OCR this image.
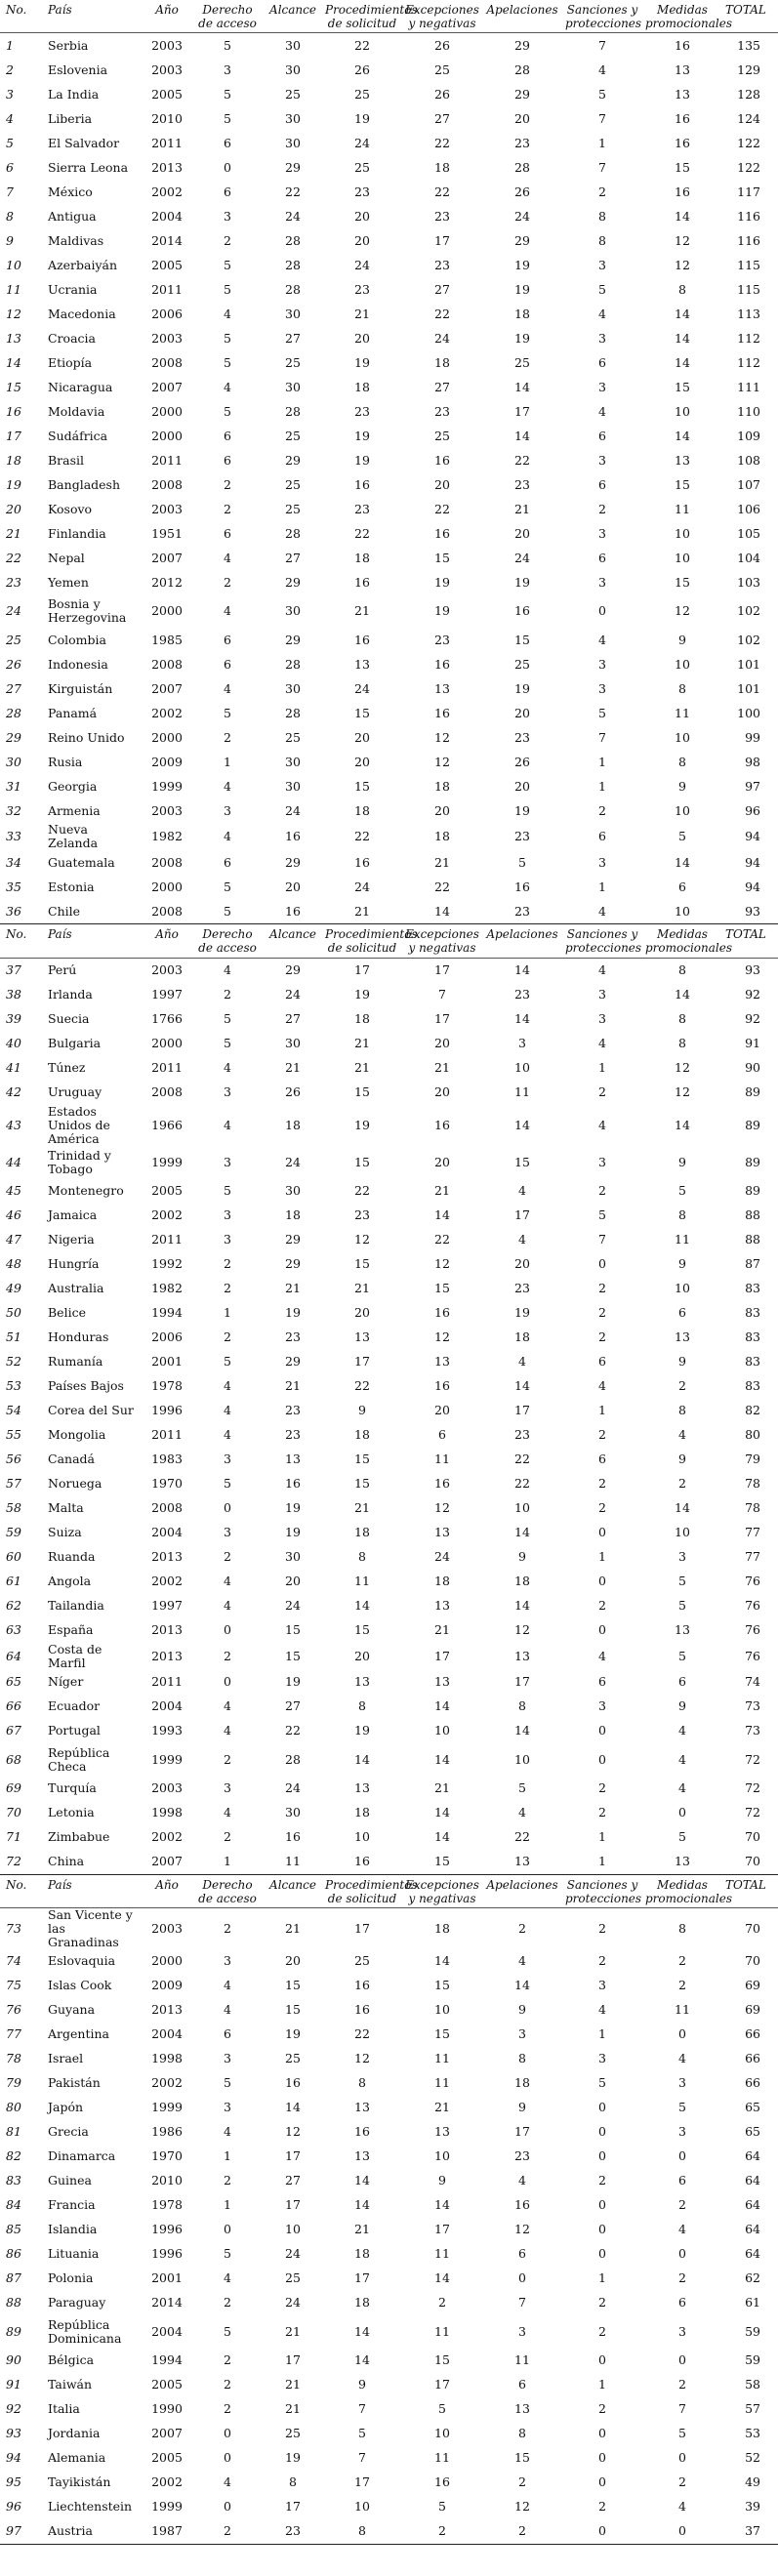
No.	País	Año	Derecho de acceso	Alcance	Procedimientos de solicitud	Excepciones y negativas	Apelaciones	Sanciones y protecciones	Medidas promocionales	TOTAL
1	Serbia	2003	5	30	22	26	29	7	16	135
2	Eslovenia	2003	3	30	26	25	28	4	13	129
3	La India	2005	5	25	25	26	29	5	13	128
4	Liberia	2010	5	30	19	27	20	7	16	124
5	El Salvador	2011	6	30	24	22	23	1	16	122
6	Sierra Leona	2013	0	29	25	18	28	7	15	122
7	México	2002	6	22	23	22	26	2	16	117
8	Antigua	2004	3	24	20	23	24	8	14	116
9	Maldivas	2014	2	28	20	17	29	8	12	116
10	Azerbaiyán	2005	5	28	24	23	19	3	12	115
11	Ucrania	2011	5	28	23	27	19	5	8	115
12	Macedonia	2006	4	30	21	22	18	4	14	113
13	Croacia	2003	5	27	20	24	19	3	14	112
14	Etiopía	2008	5	25	19	18	25	6	14	112
15	Nicaragua	2007	4	30	18	27	14	3	15	111
16	Moldavia	2000	5	28	23	23	17	4	10	110
17	Sudáfrica	2000	6	25	19	25	14	6	14	109
18	Brasil	2011	6	29	19	16	22	3	13	108
19	Bangladesh	2008	2	25	16	20	23	6	15	107
20	Kosovo	2003	2	25	23	22	21	2	11	106
21	Finlandia	1951	6	28	22	16	20	3	10	105
22	Nepal	2007	4	27	18	15	24	6	10	104
23	Yemen	2012	2	29	16	19	19	3	15	103
24	Bosnia y Herzegovina	2000	4	30	21	19	16	0	12	102
25	Colombia	1985	6	29	16	23	15	4	9	102
26	Indonesia	2008	6	28	13	16	25	3	10	101
27	Kirguistán	2007	4	30	24	13	19	3	8	101
28	Panamá	2002	5	28	15	16	20	5	11	100
29	Reino Unido	2000	2	25	20	12	23	7	10	99
30	Rusia	2009	1	30	20	12	26	1	8	98
31	Georgia	1999	4	30	15	18	20	1	9	97
32	Armenia	2003	3	24	18	20	19	2	10	96
33	Nueva Zelanda	1982	4	16	22	18	23	6	5	94
34	Guatemala	2008	6	29	16	21	5	3	14	94
35	Estonia	2000	5	20	24	22	16	1	6	94
36	Chile	2008	5	16	21	14	23	4	10	93
No.	País	Año	Derecho de acceso	Alcance	Procedimientos de solicitud	Excepciones y negativas	Apelaciones	Sanciones y protecciones	Medidas promocionales	TOTAL
37	Perú	2003	4	29	17	17	14	4	8	93
38	Irlanda	1997	2	24	19	7	23	3	14	92
39	Suecia	1766	5	27	18	17	14	3	8	92
40	Bulgaria	2000	5	30	21	20	3	4	8	91
41	Túnez	2011	4	21	21	21	10	1	12	90
42	Uruguay	2008	3	26	15	20	11	2	12	89
43	Estados Unidos de América	1966	4	18	19	16	14	4	14	89
44	Trinidad y Tobago	1999	3	24	15	20	15	3	9	89
45	Montenegro	2005	5	30	22	21	4	2	5	89
46	Jamaica	2002	3	18	23	14	17	5	8	88
47	Nigeria	2011	3	29	12	22	4	7	11	88
48	Hungría	1992	2	29	15	12	20	0	9	87
49	Australia	1982	2	21	21	15	23	2	10	83
50	Belice	1994	1	19	20	16	19	2	6	83
51	Honduras	2006	2	23	13	12	18	2	13	83
52	Rumanía	2001	5	29	17	13	4	6	9	83
53	Países Bajos	1978	4	21	22	16	14	4	2	83
54	Corea del Sur	1996	4	23	9	20	17	1	8	82
55	Mongolia	2011	4	23	18	6	23	2	4	80
56	Canadá	1983	3	13	15	11	22	6	9	79
57	Noruega	1970	5	16	15	16	22	2	2	78
58	Malta	2008	0	19	21	12	10	2	14	78
59	Suiza	2004	3	19	18	13	14	0	10	77
60	Ruanda	2013	2	30	8	24	9	1	3	77
61	Angola	2002	4	20	11	18	18	0	5	76
62	Tailandia	1997	4	24	14	13	14	2	5	76
63	España	2013	0	15	15	21	12	0	13	76
64	Costa de Marfil	2013	2	15	20	17	13	4	5	76
65	Níger	2011	0	19	13	13	17	6	6	74
66	Ecuador	2004	4	27	8	14	8	3	9	73
67	Portugal	1993	4	22	19	10	14	0	4	73
68	República Checa	1999	2	28	14	14	10	0	4	72
69	Turquía	2003	3	24	13	21	5	2	4	72
70	Letonia	1998	4	30	18	14	4	2	0	72
71	Zimbabue	2002	2	16	10	14	22	1	5	70
72	China	2007	1	11	16	15	13	1	13	70
No.	País	Año	Derecho de acceso	Alcance	Procedimientos de solicitud	Excepciones y negativas	Apelaciones	Sanciones y protecciones	Medidas promocionales	TOTAL
73	San Vicente y las Granadinas	2003	2	21	17	18	2	2	8	70
74	Eslovaquia	2000	3	20	25	14	4	2	2	70
75	Islas Cook	2009	4	15	16	15	14	3	2	69
76	Guyana	2013	4	15	16	10	9	4	11	69
77	Argentina	2004	6	19	22	15	3	1	0	66
78	Israel	1998	3	25	12	11	8	3	4	66
79	Pakistán	2002	5	16	8	11	18	5	3	66
80	Japón	1999	3	14	13	21	9	0	5	65
81	Grecia	1986	4	12	16	13	17	0	3	65
82	Dinamarca	1970	1	17	13	10	23	0	0	64
83	Guinea	2010	2	27	14	9	4	2	6	64
84	Francia	1978	1	17	14	14	16	0	2	64
85	Islandia	1996	0	10	21	17	12	0	4	64
86	Lituania	1996	5	24	18	11	6	0	0	64
87	Polonia	2001	4	25	17	14	0	1	2	62
88	Paraguay	2014	2	24	18	2	7	2	6	61
89	República Dominicana	2004	5	21	14	11	3	2	3	59
90	Bélgica	1994	2	17	14	15	11	0	0	59
91	Taiwán	2005	2	21	9	17	6	1	2	58
92	Italia	1990	2	21	7	5	13	2	7	57
93	Jordania	2007	0	25	5	10	8	0	5	53
94	Alemania	2005	0	19	7	11	15	0	0	52
95	Tayikistán	2002	4	8	17	16	2	0	2	49
96	Liechtenstein	1999	0	17	10	5	12	2	4	39
97	Austria	1987	2	23	8	2	2	0	0	37
